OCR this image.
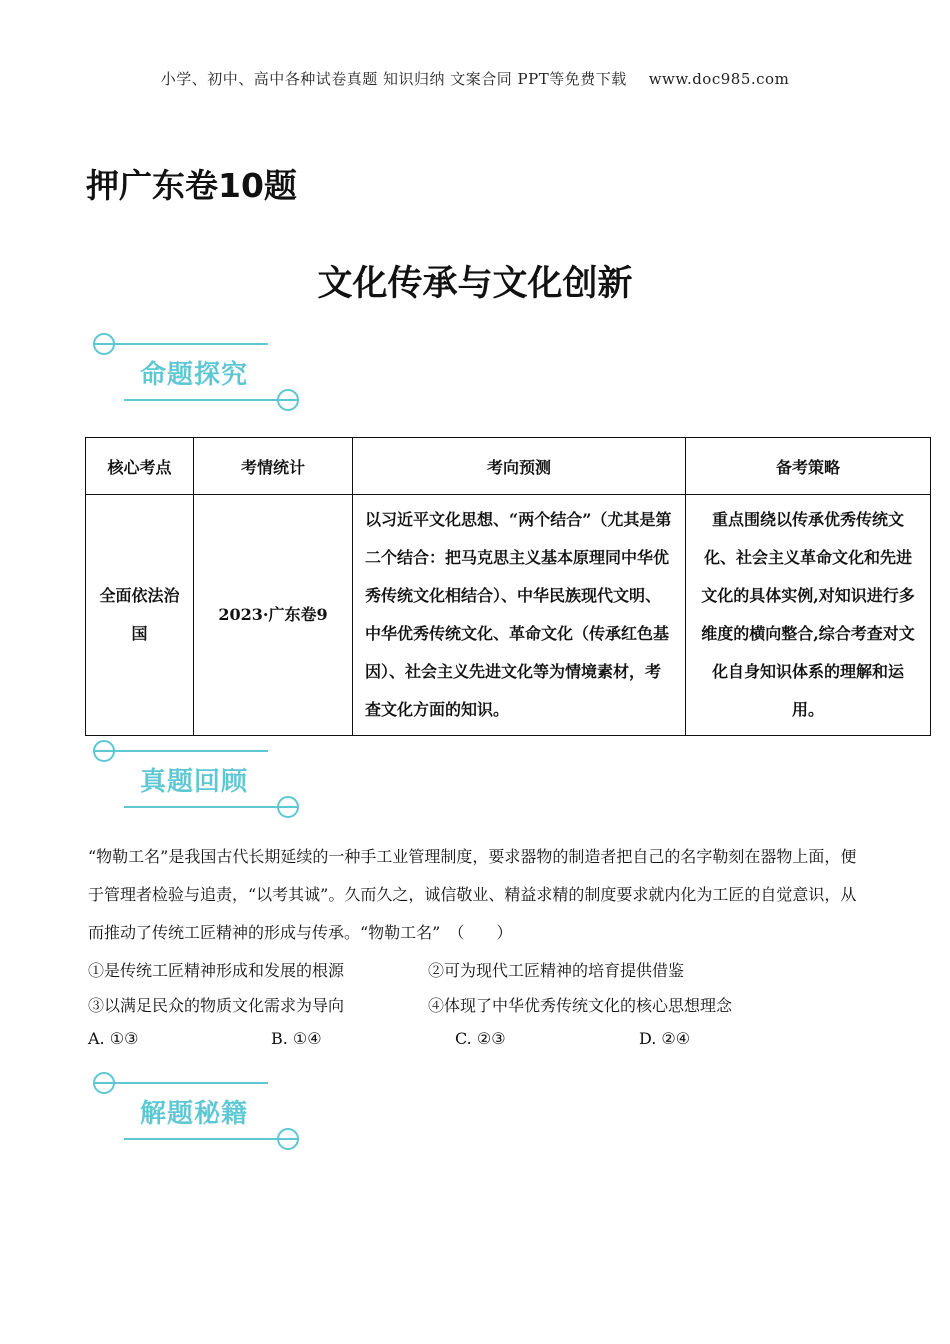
小学、初中、高中各种试卷真题 知识归纳 文案合同 PPT等免费下载 www.doc985.com
押广东卷10题
文化传承与文化创新
命题探究
核心考点	考情统计	考向预测	备考策略
全面依法治国	2023·广东卷9	以习近平文化思想、“两个结合”（尤其是第二个结合：把马克思主义基本原理同中华优秀传统文化相结合）、中华民族现代文明、中华优秀传统文化、革命文化（传承红色基因）、社会主义先进文化等为情境素材，考查文化方面的知识。	重点围绕以传承优秀传统文化、社会主义革命文化和先进文化的具体实例,对知识进行多维度的横向整合,综合考查对文化自身知识体系的理解和运用。
真题回顾
“物勒工名”是我国古代长期延续的一种手工业管理制度，要求器物的制造者把自己的名字勒刻在器物上面，便于管理者检验与追责，“以考其诚”。久而久之，诚信敬业、精益求精的制度要求就内化为工匠的自觉意识，从而推动了传统工匠精神的形成与传承。“物勒工名”　（　　）
①是传统工匠精神形成和发展的根源	②可为现代工匠精神的培育提供借鉴
③以满足民众的物质文化需求为导向	④体现了中华优秀传统文化的核心思想理念
A. ①③	B. ①④	C. ②③	D. ②④
解题秘籍
